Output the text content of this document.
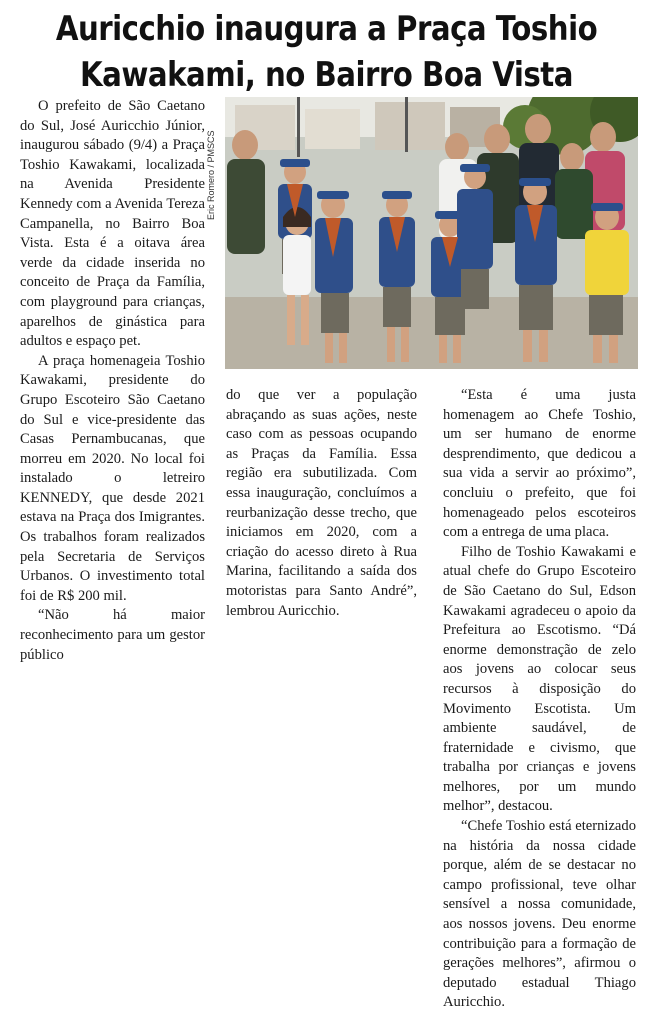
Auricchio inaugura a Praça Toshio
Kawakami, no Bairro Boa Vista

O prefeito de São Caetano do Sul, José Auricchio Júnior, inaugurou sábado (9/4) a Praça Toshio Kawakami, localizada na Avenida Presidente Kennedy com a Avenida Tereza Campanella, no Bairro Boa Vista. Esta é a oitava área verde da cidade inserida no conceito de Praça da Família, com playground para crianças, aparelhos de ginástica para adultos e espaço pet.

A praça homenageia Toshio Kawakami, presidente do Grupo Escoteiro São Caetano do Sul e vice-presidente das Casas Pernambucanas, que morreu em 2020. No local foi instalado o letreiro KENNEDY, que desde 2021 estava na Praça dos Imigrantes. Os trabalhos foram realizados pela Secretaria de Serviços Urbanos. O investimento total foi de R$ 200 mil.

“Não há maior reconhecimento para um gestor público

Eric Romero / PMSCS

do que ver a população abraçando as suas ações, neste caso com as pessoas ocupando as Praças da Família. Essa região era subutilizada. Com essa inauguração, concluímos a reurbanização desse trecho, que iniciamos em 2020, com a criação do acesso direto à Rua Marina, facilitando a saída dos motoristas para Santo André”, lembrou Auricchio.

“Esta é uma justa homenagem ao Chefe Toshio, um ser humano de enorme desprendimento, que dedicou a sua vida a servir ao próximo”, concluiu o prefeito, que foi homenageado pelos escoteiros com a entrega de uma placa.

Filho de Toshio Kawakami e atual chefe do Grupo Escoteiro de São Caetano do Sul, Edson Kawakami agradeceu o apoio da Prefeitura ao Escotismo. “Dá enorme demonstração de zelo aos jovens ao colocar seus recursos à disposição do Movimento Escotista. Um ambiente saudável, de fraternidade e civismo, que trabalha por crianças e jovens melhores, por um mundo melhor”, destacou.

“Chefe Toshio está eternizado na história da nossa cidade porque, além de se destacar no campo profissional, teve olhar sensível a nossa comunidade, aos nossos jovens. Deu enorme contribuição para a formação de gerações melhores”, afirmou o deputado estadual Thiago Auricchio.
